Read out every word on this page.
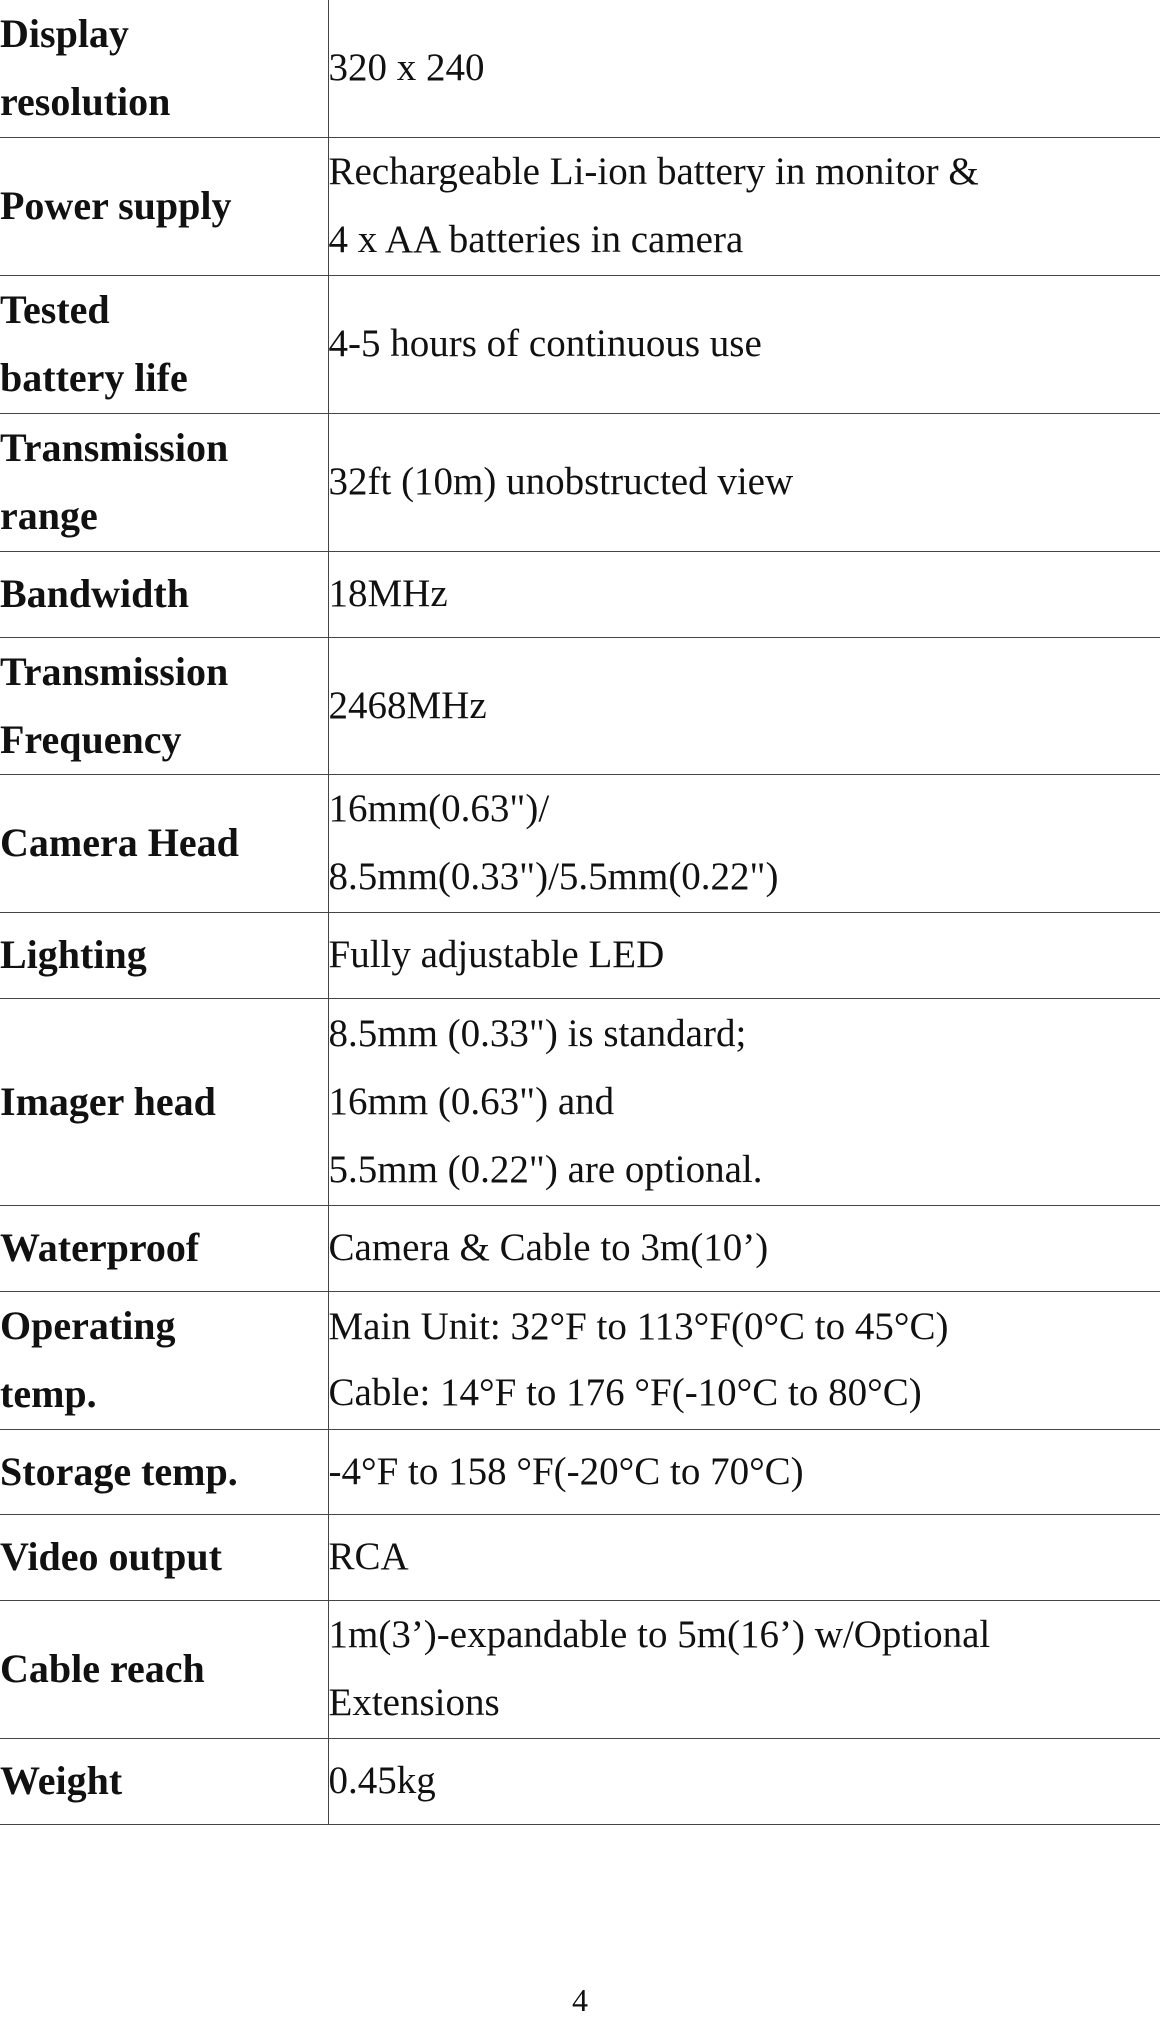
Display
resolution	320 x 240
Power supply	Rechargeable Li-ion battery in monitor &
4 x AA batteries in camera
Tested
battery life	4-5 hours of continuous use
Transmission
range	32ft (10m) unobstructed view
Bandwidth	18MHz
Transmission
Frequency	2468MHz
Camera Head	16mm(0.63")/
8.5mm(0.33")/5.5mm(0.22")
Lighting	Fully adjustable LED
Imager head	8.5mm (0.33") is standard;
16mm (0.63") and
5.5mm (0.22") are optional.
Waterproof	Camera & Cable to 3m(10’)
Operating
temp.	Main Unit: 32°F to 113°F(0°C to 45°C)
Cable: 14°F to 176 °F(-10°C to 80°C)
Storage temp.	-4°F to 158 °F(-20°C to 70°C)
Video output	RCA
Cable reach	1m(3’)-expandable to 5m(16’) w/Optional
Extensions
Weight	0.45kg
4
